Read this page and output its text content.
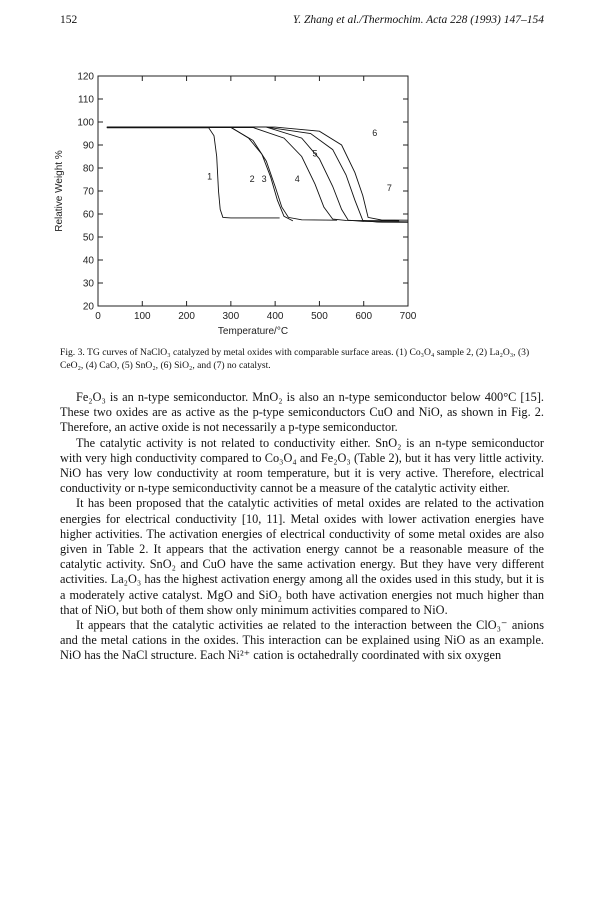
152	Y. Zhang et al./Thermochim. Acta 228 (1993) 147–154
0	100	200	300	400	500	600	700
20
30
40
50
60
70
80
90
100
110
120
Temperature/°C
Relative Weight %	1	2 3	4
5
6
7
Fig. 3. TG curves of NaClO₃ catalyzed by metal oxides with comparable surface areas. (1) Co₃O₄ sample 2, (2) La₂O₃, (3) CeO₂, (4) CaO, (5) SnO₂, (6) SiO₂, and (7) no catalyst.

Fe₂O₃ is an n-type semiconductor. MnO₂ is also an n-type semiconductor below 400°C [15]. These two oxides are as active as the p-type semiconductors CuO and NiO, as shown in Fig. 2. Therefore, an active oxide is not necessarily a p-type semiconductor.

The catalytic activity is not related to conductivity either. SnO₂ is an n-type semiconductor with very high conductivity compared to Co₃O₄ and Fe₂O₃ (Table 2), but it has very little activity. NiO has very low conductivity at room temperature, but it is very active. Therefore, electrical conductivity or n-type semiconductivity cannot be a measure of the catalytic activity either.

It has been proposed that the catalytic activities of metal oxides are related to the activation energies for electrical conductivity [10, 11]. Metal oxides with lower activation energies have higher activities. The activation energies of electrical conductivity of some metal oxides are also given in Table 2. It appears that the activation energy cannot be a reasonable measure of the catalytic activity. SnO₂ and CuO have the same activation energy. But they have very different activities. La₂O₃ has the highest activation energy among all the oxides used in this study, but it is a moderately active catalyst. MgO and SiO₂ both have activation energies not much higher than that of NiO, but both of them show only minimum activities compared to NiO.

It appears that the catalytic activities ae related to the interaction between the ClO₃⁻ anions and the metal cations in the oxides. This interaction can be explained using NiO as an example. NiO has the NaCl structure. Each Ni²⁺ cation is octahedrally coordinated with six oxygen
